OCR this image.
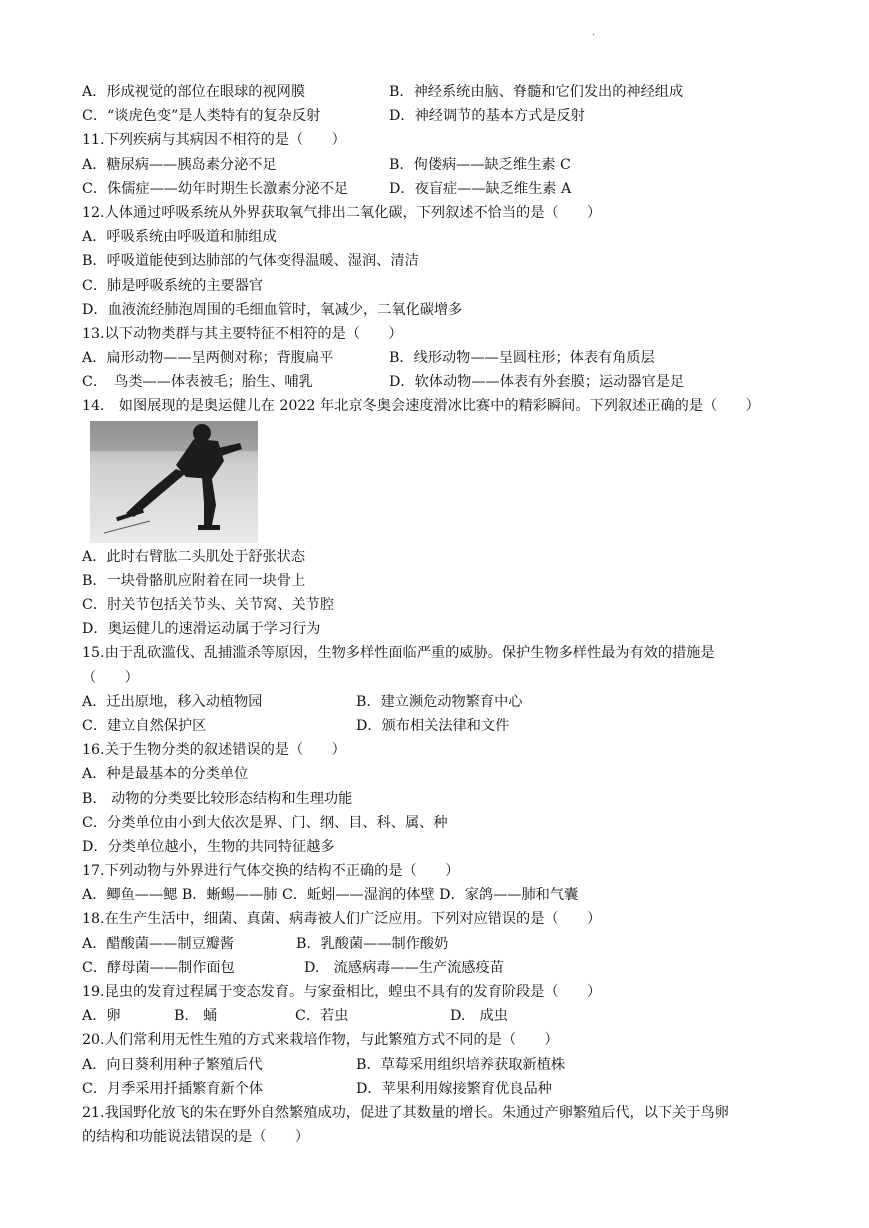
·
A．形成视觉的部位在眼球的视网膜	B．神经系统由脑、脊髓和它们发出的神经组成
C．“谈虎色变”是人类特有的复杂反射	D．神经调节的基本方式是反射
11.下列疾病与其病因不相符的是（　　）
A．糖尿病——胰岛素分泌不足	B．佝偻病——缺乏维生素 C
C．侏儒症——幼年时期生长激素分泌不足	D．夜盲症——缺乏维生素 A
12.人体通过呼吸系统从外界获取氧气排出二氧化碳，下列叙述不恰当的是（　　）
A．呼吸系统由呼吸道和肺组成
B．呼吸道能使到达肺部的气体变得温暖、湿润、清洁
C．肺是呼吸系统的主要器官
D．血液流经肺泡周围的毛细血管时，氧减少，二氧化碳增多
13.以下动物类群与其主要特征不相符的是（　　）
A．扁形动物——呈两侧对称；背腹扁平	B．线形动物——呈圆柱形；体表有角质层
C．　鸟类——体表被毛；胎生、哺乳	D．软体动物——体表有外套膜；运动器官是足
14.　如图展现的是奥运健儿在 2022 年北京冬奥会速度滑冰比赛中的精彩瞬间。下列叙述正确的是（　　）
A．此时右臂肱二头肌处于舒张状态
B．一块骨骼肌应附着在同一块骨上
C．肘关节包括关节头、关节窝、关节腔
D．奥运健儿的速滑运动属于学习行为
15.由于乱砍滥伐、乱捕滥杀等原因，生物多样性面临严重的威胁。保护生物多样性最为有效的措施是
（　　）
A．迁出原地，移入动植物园	B．建立濒危动物繁育中心
C．建立自然保护区	D．颁布相关法律和文件
16.关于生物分类的叙述错误的是（　　）
A．种是最基本的分类单位
B.　动物的分类要比较形态结构和生理功能
C．分类单位由小到大依次是界、门、纲、目、科、属、种
D．分类单位越小，生物的共同特征越多
17.下列动物与外界进行气体交换的结构不正确的是（　　）
A．鲫鱼——鳃 B．蜥蜴——肺 C．蚯蚓——湿润的体壁 D．家鸽——肺和气囊
18.在生产生活中，细菌、真菌、病毒被人们广泛应用。下列对应错误的是（　　）
A．醋酸菌——制豆瓣酱	B．乳酸菌——制作酸奶
C．酵母菌——制作面包	D.　流感病毒——生产流感疫苗
19.昆虫的发育过程属于变态发育。与家蚕相比，蝗虫不具有的发育阶段是（　　）
A．卵	B.　蛹	C．若虫	D.　成虫
20.人们常利用无性生殖的方式来栽培作物，与此繁殖方式不同的是（　　）
A．向日葵利用种子繁殖后代	B．草莓采用组织培养获取新植株
C．月季采用扦插繁育新个体	D．苹果利用嫁接繁育优良品种
21.我国野化放飞的朱在野外自然繁殖成功，促进了其数量的增长。朱通过产卵繁殖后代，以下关于鸟卵
的结构和功能说法错误的是（　　）
